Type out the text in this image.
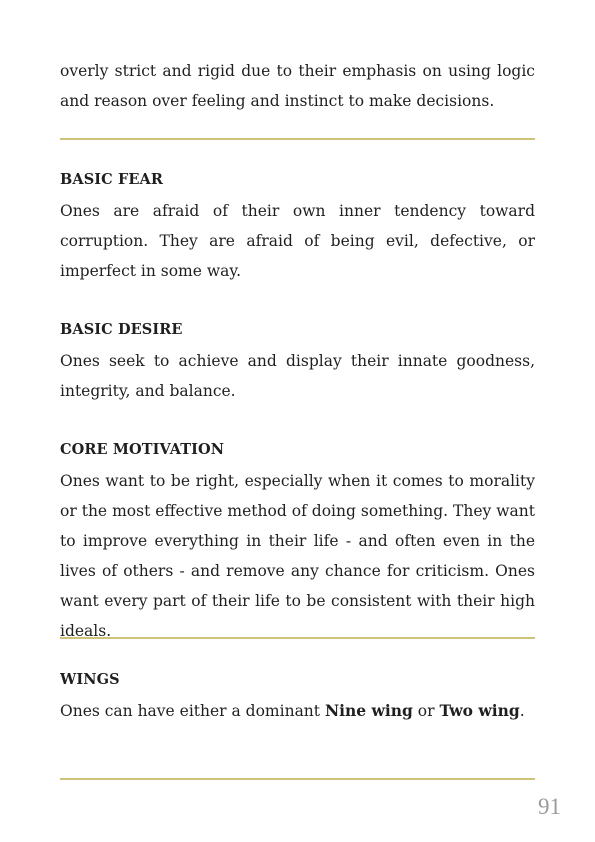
overly strict and rigid due to their emphasis on using logic and reason over feeling and instinct to make decisions.

BASIC FEAR

Ones are afraid of their own inner tendency toward corruption. They are afraid of being evil, defective, or imperfect in some way.

BASIC DESIRE

Ones seek to achieve and display their innate goodness, integrity, and balance.

CORE MOTIVATION

Ones want to be right, especially when it comes to morality or the most effective method of doing something. They want to improve everything in their life - and often even in the lives of others - and remove any chance for criticism. Ones want every part of their life to be consistent with their high ideals.

WINGS

Ones can have either a dominant Nine wing or Two wing.

91
